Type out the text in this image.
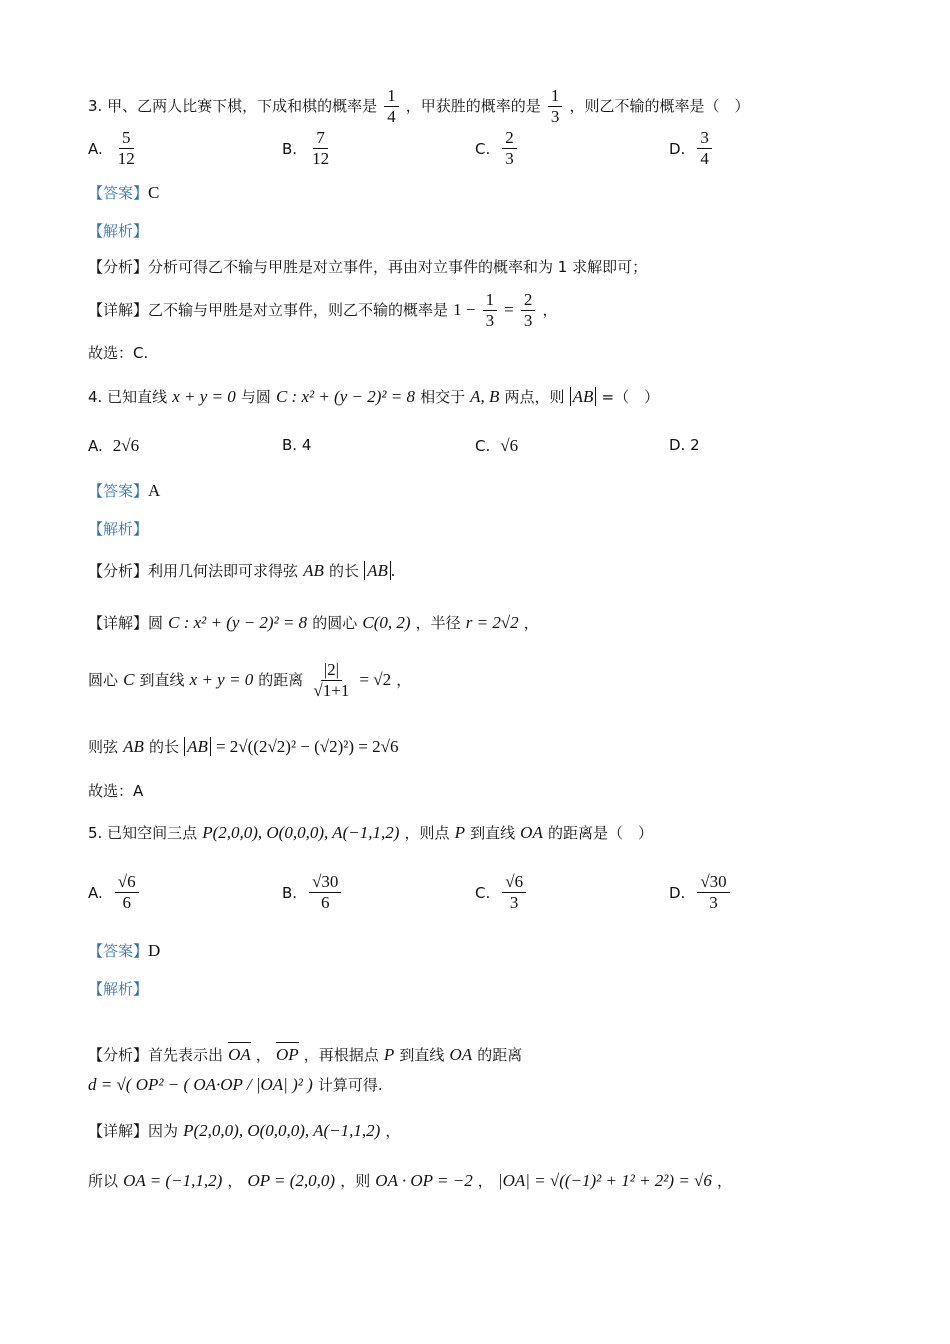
3. 甲、乙两人比赛下棋，下成和棋的概率是 $\frac{1}{4}$ ，甲获胜的概率的是 $\frac{1}{3}$ ，则乙不输的概率是（　）
A. $\frac{5}{12}$	B. $\frac{7}{12}$	C. $\frac{2}{3}$	D. $\frac{3}{4}$
【答案】C
【解析】
【分析】分析可得乙不输与甲胜是对立事件，再由对立事件的概率和为 1 求解即可；
【详解】乙不输与甲胜是对立事件，则乙不输的概率是 $1 - \frac{1}{3} = \frac{2}{3}$ ，
故选：C.
4. 已知直线 x + y = 0 与圆 C : x² + (y − 2)² = 8 相交于 A, B 两点，则 AB =（　）
A. 2√6	B. 4	C. √6	D. 2
【答案】A
【解析】
【分析】利用几何法即可求得弦 AB 的长 AB .
【详解】圆 C : x² + (y − 2)² = 8 的圆心 C(0, 2) ，半径 r = 2√2 ，
圆心 C 到直线 x + y = 0 的距离 $\frac{|2|}{√1+1} = √2$ ，
则弦 AB 的长 AB = 2√((2√2)² − (√2)²) = 2√6
故选：A
5. 已知空间三点 P(2,0,0), O(0,0,0), A(−1,1,2) ，则点 P 到直线 OA 的距离是（　）
A. $\frac{√6}{6}$	B. $\frac{√30}{6}$	C. $\frac{√6}{3}$	D. $\frac{√30}{3}$
【答案】D
【解析】
【分析】首先表示出 OA ， OP ，再根据点 P 到直线 OA 的距离
d = √( OP² − ( OA·OP / |OA| )² ) 计算可得.
【详解】因为 P(2,0,0), O(0,0,0), A(−1,1,2) ，
所以 OA = (−1,1,2) ， OP = (2,0,0) ，则 OA · OP = −2 ， |OA| = √((−1)² + 1² + 2²) = √6 ，
